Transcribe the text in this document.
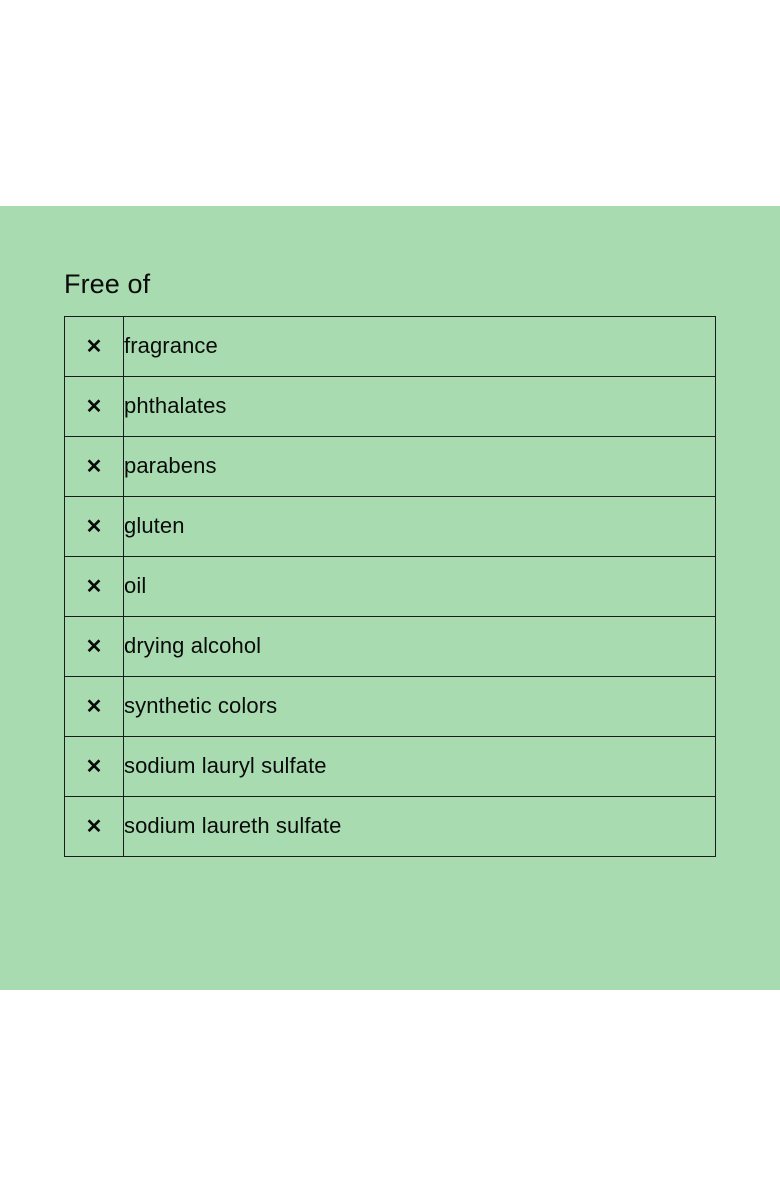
Free of
✕	fragrance
✕	phthalates
✕	parabens
✕	gluten
✕	oil
✕	drying alcohol
✕	synthetic colors
✕	sodium lauryl sulfate
✕	sodium laureth sulfate
